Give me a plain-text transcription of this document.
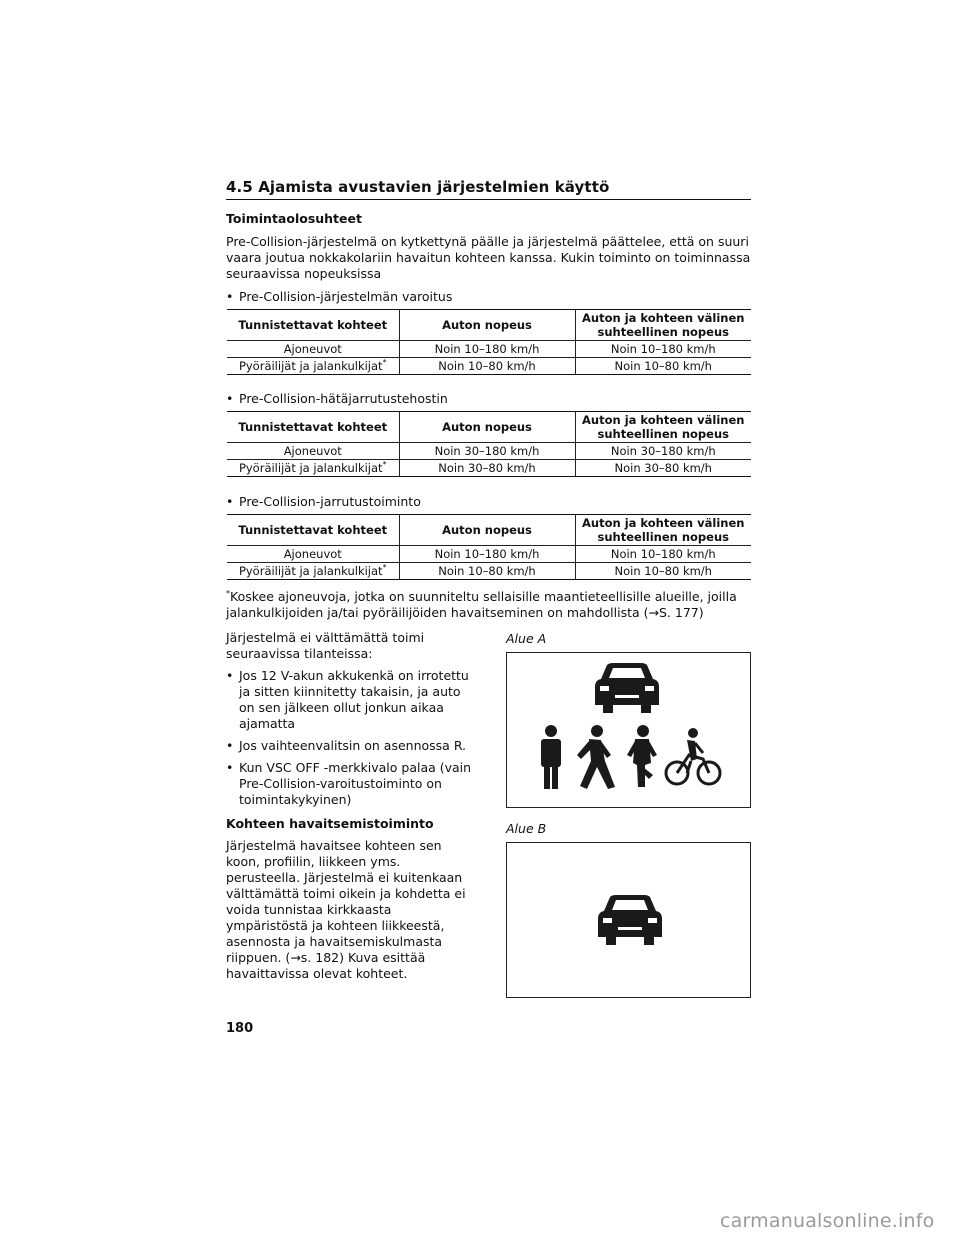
4.5 Ajamista avustavien järjestelmien käyttö
Toimintaolosuhteet
Pre-Collision-järjestelmä on kytkettynä päälle ja järjestelmä päättelee, että on suuri vaara joutua nokkakolariin havaitun kohteen kanssa. Kukin toiminto on toiminnassa seuraavissa nopeuksissa
• Pre-Collision-järjestelmän varoitus
Tunnistettavat kohteet	Auton nopeus	Auton ja kohteen välinen suhteellinen nopeus
Ajoneuvot	Noin 10–180 km/h	Noin 10–180 km/h
Pyöräilijät ja jalankulkijat*	Noin 10–80 km/h	Noin 10–80 km/h
• Pre-Collision-hätäjarrutustehostin
Tunnistettavat kohteet	Auton nopeus	Auton ja kohteen välinen suhteellinen nopeus
Ajoneuvot	Noin 30–180 km/h	Noin 30–180 km/h
Pyöräilijät ja jalankulkijat*	Noin 30–80 km/h	Noin 30–80 km/h
• Pre-Collision-jarrutustoiminto
Tunnistettavat kohteet	Auton nopeus	Auton ja kohteen välinen suhteellinen nopeus
Ajoneuvot	Noin 10–180 km/h	Noin 10–180 km/h
Pyöräilijät ja jalankulkijat*	Noin 10–80 km/h	Noin 10–80 km/h
*Koskee ajoneuvoja, jotka on suunniteltu sellaisille maantieteellisille alueille, joilla jalankulkijoiden ja/tai pyöräilijöiden havaitseminen on mahdollista (→S. 177)
Järjestelmä ei välttämättä toimi seuraavissa tilanteissa:
• Jos 12 V-akun akkukenkä on irrotettu ja sitten kiinnitetty takaisin, ja auto on sen jälkeen ollut jonkun aikaa ajamatta
• Jos vaihteenvalitsin on asennossa R.
• Kun VSC OFF -merkkivalo palaa (vain Pre-Collision-varoitustoiminto on toimintakykyinen)
Kohteen havaitsemistoiminto
Järjestelmä havaitsee kohteen sen koon, profiilin, liikkeen yms. perusteella. Järjestelmä ei kuitenkaan välttämättä toimi oikein ja kohdetta ei voida tunnistaa kirkkaasta ympäristöstä ja kohteen liikkeestä, asennosta ja havaitsemiskulmasta riippuen. (→s. 182) Kuva esittää havaittavissa olevat kohteet.
Alue A
Alue B
180
carmanualsonline.info
